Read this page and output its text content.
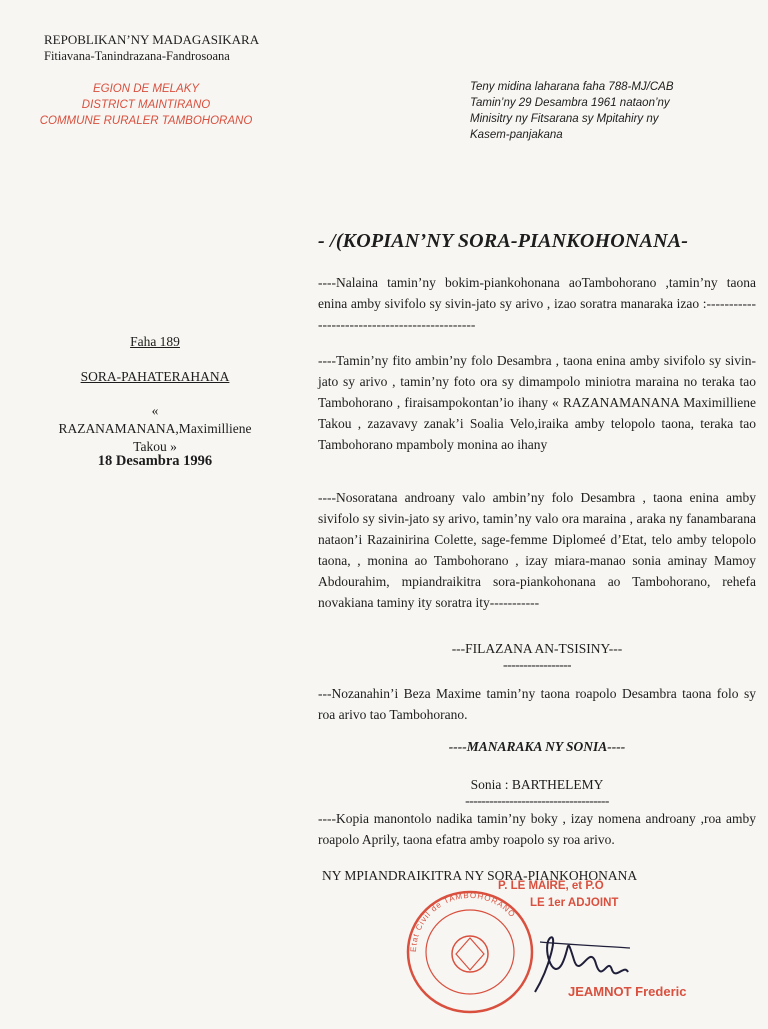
REPOBLIKAN’NY MADAGASIKARA
Fitiavana-Tanindrazana-Fandrosoana
EGION DE MELAKY
DISTRICT MAINTIRANO
COMMUNE RURALER TAMBOHORANO
Teny midina laharana faha 788-MJ/CAB
Tamin’ny 29 Desambra 1961 nataon’ny
Minisitry ny Fitsarana sy Mpitahiry ny
Kasem-panjakana
- /(KOPIAN’NY SORA-PIANKOHONANA-
Faha 189
SORA-PAHATERAHANA
« RAZANAMANANA,Maximilliene Takou »
18 Desambra 1996
----Nalaina tamin’ny bokim-piankohonana aoTambohorano ,tamin’ny taona enina amby sivifolo sy sivin-jato sy arivo , izao soratra manaraka izao :----------------------------------------------
----Tamin’ny fito ambin’ny folo Desambra , taona enina amby sivifolo sy sivin-jato sy arivo , tamin’ny foto ora sy dimampolo miniotra maraina no teraka tao Tambohorano , firaisampokontan’io ihany « RAZANAMANANA Maximilliene Takou , zazavavy zanak’i Soalia Velo,iraika amby telopolo taona, teraka tao Tambohorano mpamboly monina ao ihany
----Nosoratana androany valo ambin’ny folo Desambra , taona enina amby sivifolo sy sivin-jato sy arivo, tamin’ny valo ora maraina , araka ny fanambarana nataon’i Razainirina Colette, sage-femme Diplomeé d’Etat, telo amby telopolo taona, , monina ao Tambohorano , izay miara-manao sonia aminay Mamoy Abdourahim, mpiandraikitra sora-piankohonana ao Tambohorano, rehefa novakiana taminy ity soratra ity-----------
---FILAZANA AN-TSISINY---
-----------------
---Nozanahin’i Beza Maxime tamin’ny taona roapolo Desambra taona folo sy roa arivo tao Tambohorano.
----MANARAKA NY SONIA----
Sonia : BARTHELEMY
------------------------------------
----Kopia manontolo nadika tamin’ny boky , izay nomena androany ,roa amby roapolo Aprily, taona efatra amby roapolo sy roa arivo.
NY MPIANDRAIKITRA NY SORA-PIANKOHONANA
Etat Civil de TAMBOHORANO
P. LE MAIRE, et P.O
LE 1er ADJOINT
JEAMNOT Frederic
